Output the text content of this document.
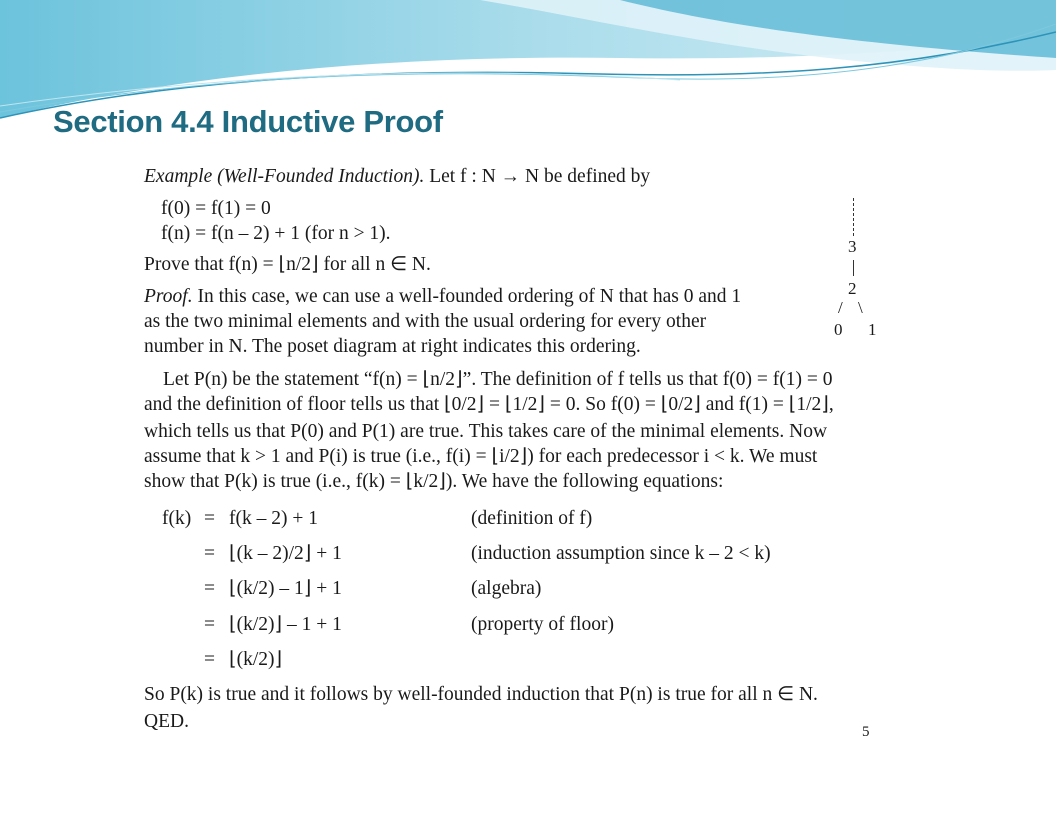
Section 4.4 Inductive Proof
Example (Well-Founded Induction). Let f : N → N be defined by
f(0) = f(1) = 0
f(n) = f(n – 2) + 1 (for n > 1).
Prove that f(n) = ⌊n/2⌋ for all n ∈ N.
Proof. In this case, we can use a well-founded ordering of N that has 0 and 1
as the two minimal elements and with the usual ordering for every other
number in N. The poset diagram at right indicates this ordering.
Let P(n) be the statement “f(n) = ⌊n/2⌋”. The definition of f tells us that f(0) = f(1) = 0
and the definition of floor tells us that ⌊0/2⌋ = ⌊1/2⌋ = 0. So f(0) = ⌊0/2⌋ and f(1) = ⌊1/2⌋,
which tells us that P(0) and P(1) are true. This takes care of the minimal elements. Now
assume that k > 1 and P(i) is true (i.e., f(i) = ⌊i/2⌋) for each predecessor i < k. We must
show that P(k) is true (i.e., f(k) = ⌊k/2⌋). We have the following equations:
f(k) = f(k – 2) + 1	(definition of f)
= ⌊(k – 2)/2⌋ + 1	(induction assumption since k – 2 < k)
= ⌊(k/2) – 1⌋ + 1	(algebra)
= ⌊(k/2)⌋ – 1 + 1	(property of floor)
= ⌊(k/2)⌋
So P(k) is true and it follows by well-founded induction that P(n) is true for all n ∈ N.
QED.	5
3
2
/ \
0 1
